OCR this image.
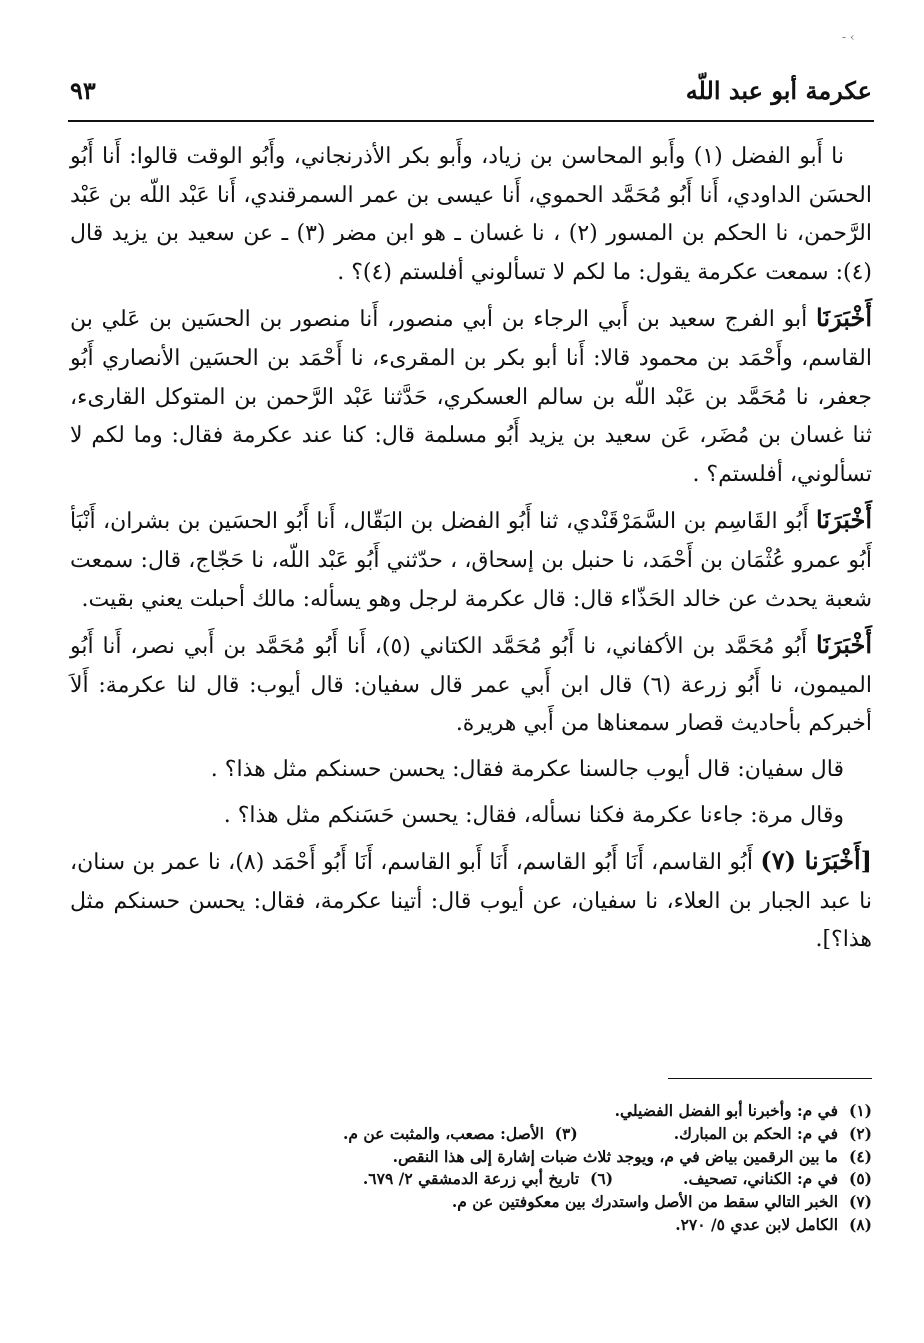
- ‹
عكرمة أبو عبد اللّه
٩٣

نا أَبو الفضل (١) وأَبو المحاسن بن زياد، وأَبو بكر الأذرنجاني، وأَبُو الوقت قالوا: أَنا أَبُو الحسَن الداودي، أَنا أَبُو مُحَمَّد الحموي، أَنا عيسى بن عمر السمرقندي، أَنا عَبْد اللّه بن عَبْد الرَّحمن، نا الحكم بن المسور (٢) ، نا غسان ـ هو ابن مضر (٣) ـ عن سعيد بن يزيد قال (٤): سمعت عكرمة يقول: ما لكم لا تسألوني أفلستم (٤)؟ .

أَخْبَرَنَا أبو الفرج سعيد بن أَبي الرجاء بن أبي منصور، أَنا منصور بن الحسَين بن عَلي بن القاسم، وأَحْمَد بن محمود قالا: أَنا أبو بكر بن المقرىء، نا أَحْمَد بن الحسَين الأنصاري أَبُو جعفر، نا مُحَمَّد بن عَبْد اللّه بن سالم العسكري، حَدَّثنا عَبْد الرَّحمن بن المتوكل القارىء، ثنا غسان بن مُضَر، عَن سعيد بن يزيد أَبُو مسلمة قال: كنا عند عكرمة فقال: وما لكم لا تسألوني، أفلستم؟ .

أَخْبَرَنَا أَبُو القَاسِم بن السَّمَرْقَنْدي، ثنا أَبُو الفضل بن البَقّال، أَنا أَبُو الحسَين بن بشران، أَنْبَأ أَبُو عمرو عُثْمَان بن أَحْمَد، نا حنبل بن إسحاق، ، حدّثني أَبُو عَبْد اللّه، نا حَجّاج، قال: سمعت شعبة يحدث عن خالد الحَذّاء قال: قال عكرمة لرجل وهو يسأله: مالك أحبلت يعني بقيت.

أَخْبَرَنَا أَبُو مُحَمَّد بن الأكفاني، نا أَبُو مُحَمَّد الكتاني (٥)، أَنا أَبُو مُحَمَّد بن أَبي نصر، أَنا أَبُو الميمون، نا أَبُو زرعة (٦) قال ابن أَبي عمر قال سفيان: قال أيوب: قال لنا عكرمة: أَلاَ أخبركم بأحاديث قصار سمعناها من أَبي هريرة.

قال سفيان: قال أيوب جالسنا عكرمة فقال: يحسن حسنكم مثل هذا؟ .

وقال مرة: جاءنا عكرمة فكنا نسأله، فقال: يحسن حَسَنكم مثل هذا؟ .

[أَخْبَرَنا (٧) أَبُو القاسم، أَنَا أَبُو القاسم، أَنَا أَبو القاسم، أَنَا أَبُو أَحْمَد (٨)، نا عمر بن سنان، نا عبد الجبار بن العلاء، نا سفيان، عن أيوب قال: أتينا عكرمة، فقال: يحسن حسنكم مثل هذا؟].

(١)في م: وأخبرنا أبو الفضل الفضيلي.
(٢)في م: الحكم بن المبارك.(٣)  الأصل: مصعب، والمثبت عن م.
(٤)ما بين الرقمين بياض في م، ويوجد ثلاث ضبات إشارة إلى هذا النقص.
(٥)في م: الكناني، تصحيف.(٦)  تاريخ أبي زرعة الدمشقي ٢/ ٦٧٩.
(٧)الخبر التالي سقط من الأصل واستدرك بين معكوفتين عن م.
(٨)الكامل لابن عدي ٥/ ٢٧٠.
